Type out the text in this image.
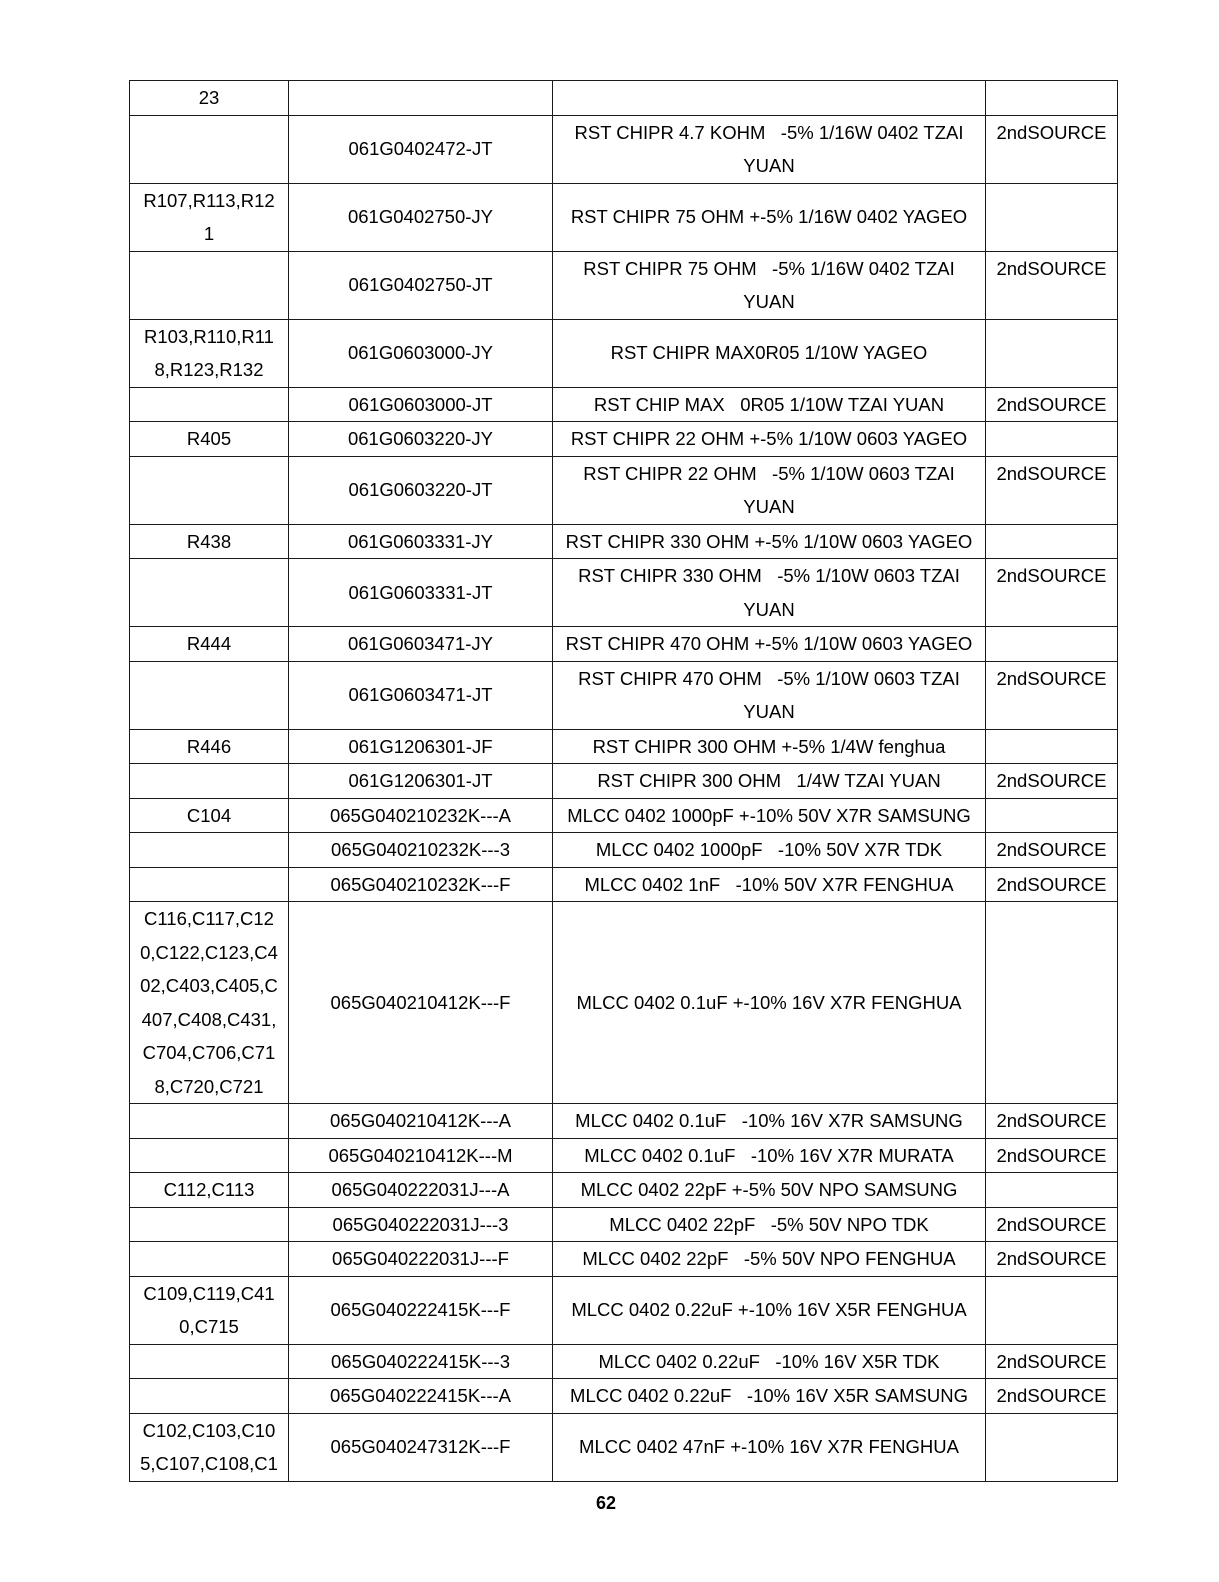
23			

	061G0402472-JT	RST CHIPR 4.7 KOHM   -5% 1/16W 0402 TZAI YUAN	2ndSOURCE

R107,R113,R121	061G0402750-JY	RST CHIPR 75 OHM +-5% 1/16W 0402 YAGEO	

	061G0402750-JT	RST CHIPR 75 OHM   -5% 1/16W 0402 TZAI YUAN	2ndSOURCE

R103,R110,R118,R123,R132	061G0603000-JY	RST CHIPR MAX0R05 1/10W YAGEO	

	061G0603000-JT	RST CHIP MAX   0R05 1/10W TZAI YUAN	2ndSOURCE

R405	061G0603220-JY	RST CHIPR 22 OHM +-5% 1/10W 0603 YAGEO	

	061G0603220-JT	RST CHIPR 22 OHM   -5% 1/10W 0603 TZAI YUAN	2ndSOURCE

R438	061G0603331-JY	RST CHIPR 330 OHM +-5% 1/10W 0603 YAGEO	

	061G0603331-JT	RST CHIPR 330 OHM   -5% 1/10W 0603 TZAI YUAN	2ndSOURCE

R444	061G0603471-JY	RST CHIPR 470 OHM +-5% 1/10W 0603 YAGEO	

	061G0603471-JT	RST CHIPR 470 OHM   -5% 1/10W 0603 TZAI YUAN	2ndSOURCE

R446	061G1206301-JF	RST CHIPR 300 OHM +-5% 1/4W fenghua	

	061G1206301-JT	RST CHIPR 300 OHM   1/4W TZAI YUAN	2ndSOURCE

C104	065G040210232K---A	MLCC 0402 1000pF +-10% 50V X7R SAMSUNG	

	065G040210232K---3	MLCC 0402 1000pF   -10% 50V X7R TDK	2ndSOURCE

	065G040210232K---F	MLCC 0402 1nF   -10% 50V X7R FENGHUA	2ndSOURCE

C116,C117,C120,C122,C123,C402,C403,C405,C407,C408,C431,C704,C706,C718,C720,C721	065G040210412K---F	MLCC 0402 0.1uF +-10% 16V X7R FENGHUA	

	065G040210412K---A	MLCC 0402 0.1uF   -10% 16V X7R SAMSUNG	2ndSOURCE

	065G040210412K---M	MLCC 0402 0.1uF   -10% 16V X7R MURATA	2ndSOURCE

C112,C113	065G040222031J---A	MLCC 0402 22pF +-5% 50V NPO SAMSUNG	

	065G040222031J---3	MLCC 0402 22pF   -5% 50V NPO TDK	2ndSOURCE

	065G040222031J---F	MLCC 0402 22pF   -5% 50V NPO FENGHUA	2ndSOURCE

C109,C119,C410,C715	065G040222415K---F	MLCC 0402 0.22uF +-10% 16V X5R FENGHUA	

	065G040222415K---3	MLCC 0402 0.22uF   -10% 16V X5R TDK	2ndSOURCE

	065G040222415K---A	MLCC 0402 0.22uF   -10% 16V X5R SAMSUNG	2ndSOURCE

C102,C103,C105,C107,C108,C1	065G040247312K---F	MLCC 0402 47nF +-10% 16V X7R FENGHUA	

62
